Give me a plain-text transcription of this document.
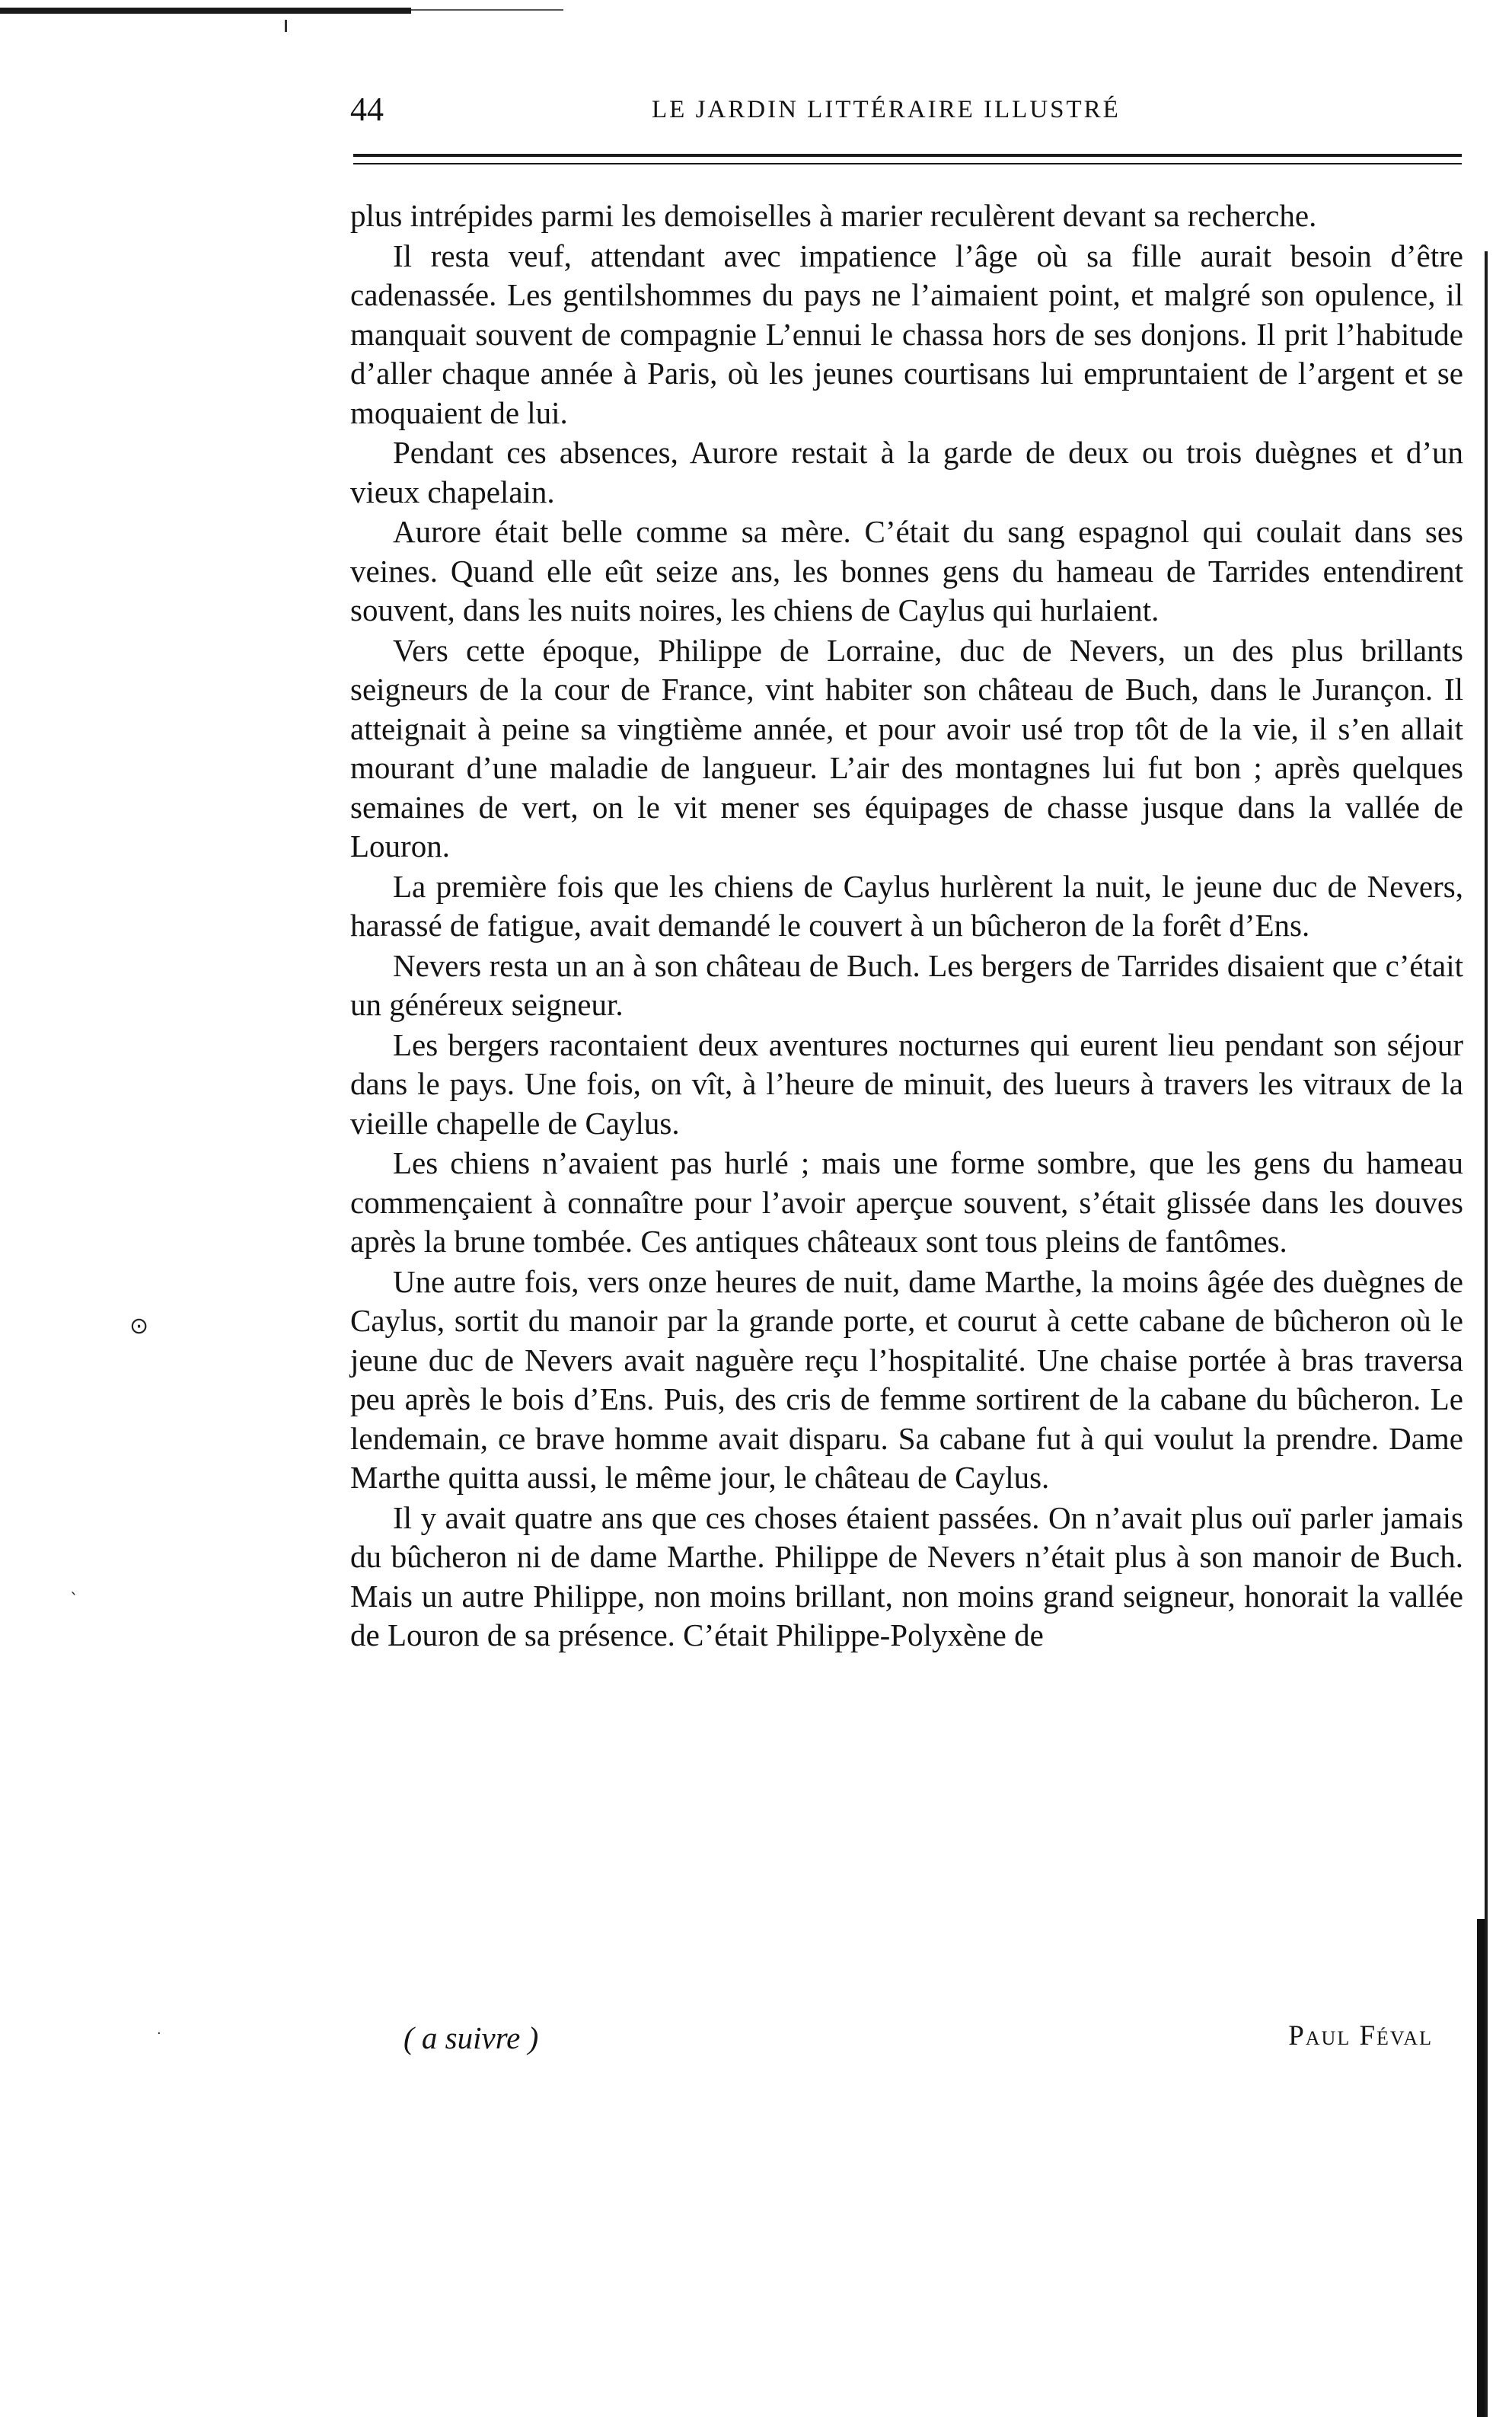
⊙
ˎ
·
44	LE JARDIN LITTÉRAIRE ILLUSTRÉ

plus intrépides parmi les demoiselles à marier reculèrent devant sa recherche.

Il resta veuf, attendant avec impatience l’âge où sa fille aurait besoin d’être cadenassée. Les gentilshommes du pays ne l’aimaient point, et malgré son opulence, il manquait souvent de compagnie L’ennui le chassa hors de ses donjons. Il prit l’habitude d’aller chaque année à Paris, où les jeunes courtisans lui empruntaient de l’argent et se moquaient de lui.

Pendant ces absences, Aurore restait à la garde de deux ou trois duègnes et d’un vieux chapelain.

Aurore était belle comme sa mère. C’était du sang espagnol qui coulait dans ses veines. Quand elle eût seize ans, les bonnes gens du hameau de Tarrides entendirent souvent, dans les nuits noires, les chiens de Caylus qui hurlaient.

Vers cette époque, Philippe de Lorraine, duc de Nevers, un des plus brillants seigneurs de la cour de France, vint habiter son château de Buch, dans le Jurançon. Il atteignait à peine sa vingtième année, et pour avoir usé trop tôt de la vie, il s’en allait mourant d’une maladie de langueur. L’air des montagnes lui fut bon ; après quelques semaines de vert, on le vit mener ses équipages de chasse jusque dans la vallée de Louron.

La première fois que les chiens de Caylus hurlèrent la nuit, le jeune duc de Nevers, harassé de fatigue, avait demandé le couvert à un bûcheron de la forêt d’Ens.

Nevers resta un an à son château de Buch. Les bergers de Tarrides disaient que c’était un généreux seigneur.

Les bergers racontaient deux aventures nocturnes qui eurent lieu pendant son séjour dans le pays. Une fois, on vît, à l’heure de minuit, des lueurs à travers les vitraux de la vieille chapelle de Caylus.

Les chiens n’avaient pas hurlé ; mais une forme sombre, que les gens du hameau commençaient à connaître pour l’avoir aperçue souvent, s’était glissée dans les douves après la brune tombée. Ces antiques châteaux sont tous pleins de fantômes.

Une autre fois, vers onze heures de nuit, dame Marthe, la moins âgée des duègnes de Caylus, sortit du manoir par la grande porte, et courut à cette cabane de bûcheron où le jeune duc de Nevers avait naguère reçu l’hospitalité. Une chaise portée à bras traversa peu après le bois d’Ens. Puis, des cris de femme sortirent de la cabane du bûcheron. Le lendemain, ce brave homme avait disparu. Sa cabane fut à qui voulut la prendre. Dame Marthe quitta aussi, le même jour, le château de Caylus.

Il y avait quatre ans que ces choses étaient passées. On n’avait plus ouï parler jamais du bûcheron ni de dame Marthe. Philippe de Nevers n’était plus à son manoir de Buch. Mais un autre Philippe, non moins brillant, non moins grand seigneur, honorait la vallée de Louron de sa présence. C’était Philippe-Polyxène de

( a suivre )	Paul Féval
